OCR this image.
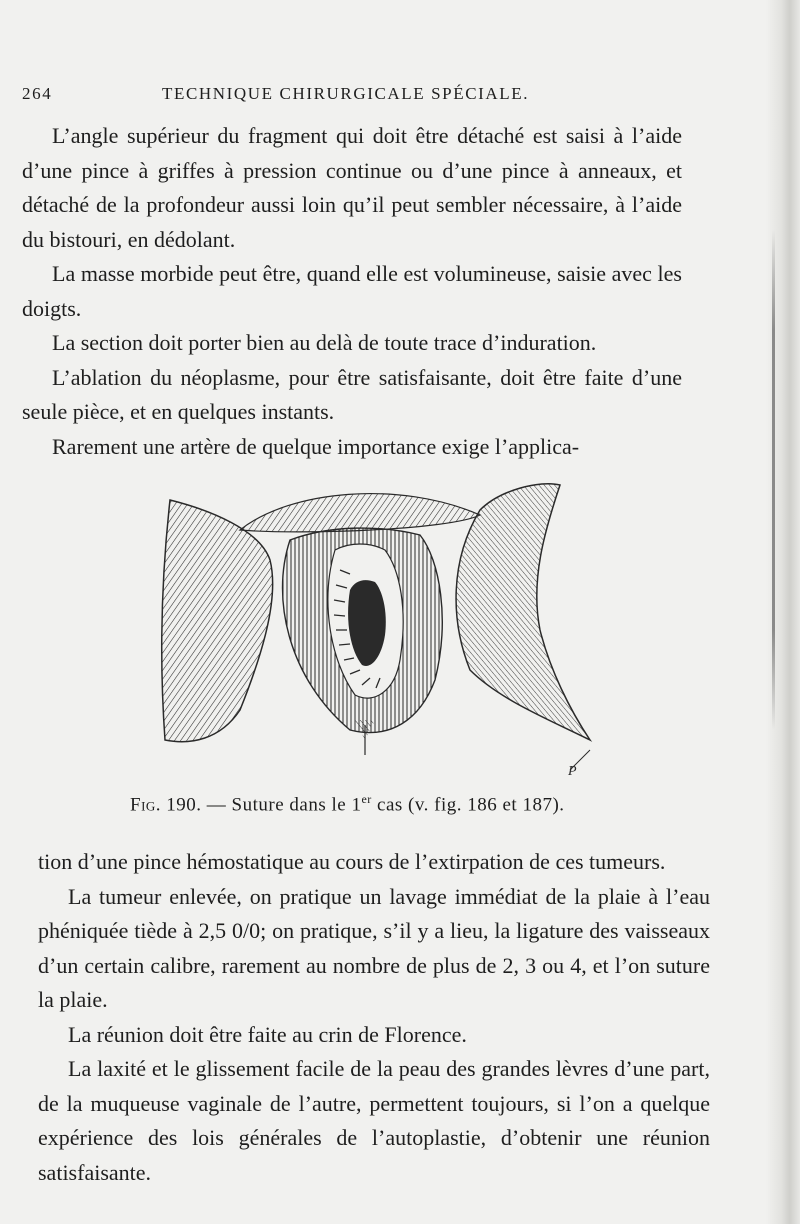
264	TECHNIQUE CHIRURGICALE SPÉCIALE.

L’angle supérieur du fragment qui doit être détaché est saisi à l’aide d’une pince à griffes à pression continue ou d’une pince à anneaux, et détaché de la profondeur aussi loin qu’il peut sembler nécessaire, à l’aide du bistouri, en dédolant.

La masse morbide peut être, quand elle est volumineuse, saisie avec les doigts.

La section doit porter bien au delà de toute trace d’induration.

L’ablation du néoplasme, pour être satisfaisante, doit être faite d’une seule pièce, et en quelques instants.

Rarement une artère de quelque importance exige l’applica-

P
Fig. 190. — Suture dans le 1er cas (v. fig. 186 et 187).

tion d’une pince hémostatique au cours de l’extirpation de ces tumeurs.

La tumeur enlevée, on pratique un lavage immédiat de la plaie à l’eau phéniquée tiède à 2,5 0/0; on pratique, s’il y a lieu, la ligature des vaisseaux d’un certain calibre, rarement au nombre de plus de 2, 3 ou 4, et l’on suture la plaie.

La réunion doit être faite au crin de Florence.

La laxité et le glissement facile de la peau des grandes lèvres d’une part, de la muqueuse vaginale de l’autre, permettent toujours, si l’on a quelque expérience des lois générales de l’autoplastie, d’obtenir une réunion satisfaisante.
